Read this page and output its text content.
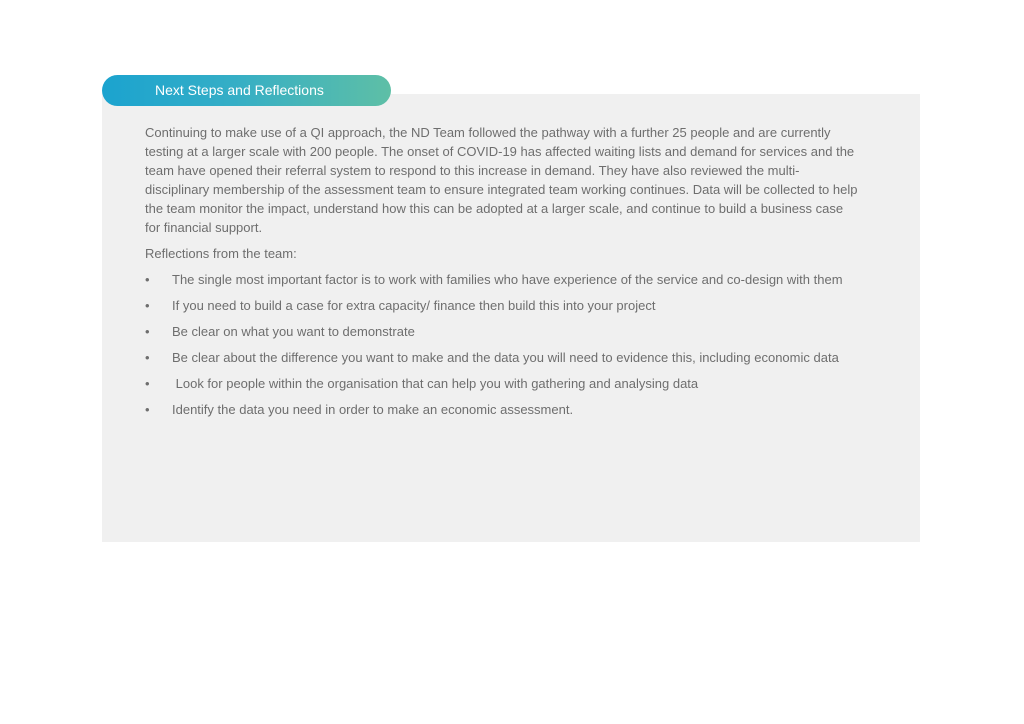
Next Steps and Reflections

Continuing to make use of a QI approach, the ND Team followed the pathway with a further 25 people and are currently testing at a larger scale with 200 people. The onset of COVID-19 has affected waiting lists and demand for services and the team have opened their referral system to respond to this increase in demand. They have also reviewed the multi-disciplinary membership of the assessment team to ensure integrated team working continues. Data will be collected to help the team monitor the impact, understand how this can be adopted at a larger scale, and continue to build a business case for financial support.

Reflections from the team:

•	The single most important factor is to work with families who have experience of the service and co-design with them
•	If you need to build a case for extra capacity/ finance then build this into your project
•	Be clear on what you want to demonstrate
•	Be clear about the difference you want to make and the data you will need to evidence this, including economic data
•	Look for people within the organisation that can help you with gathering and analysing data
•	Identify the data you need in order to make an economic assessment.
